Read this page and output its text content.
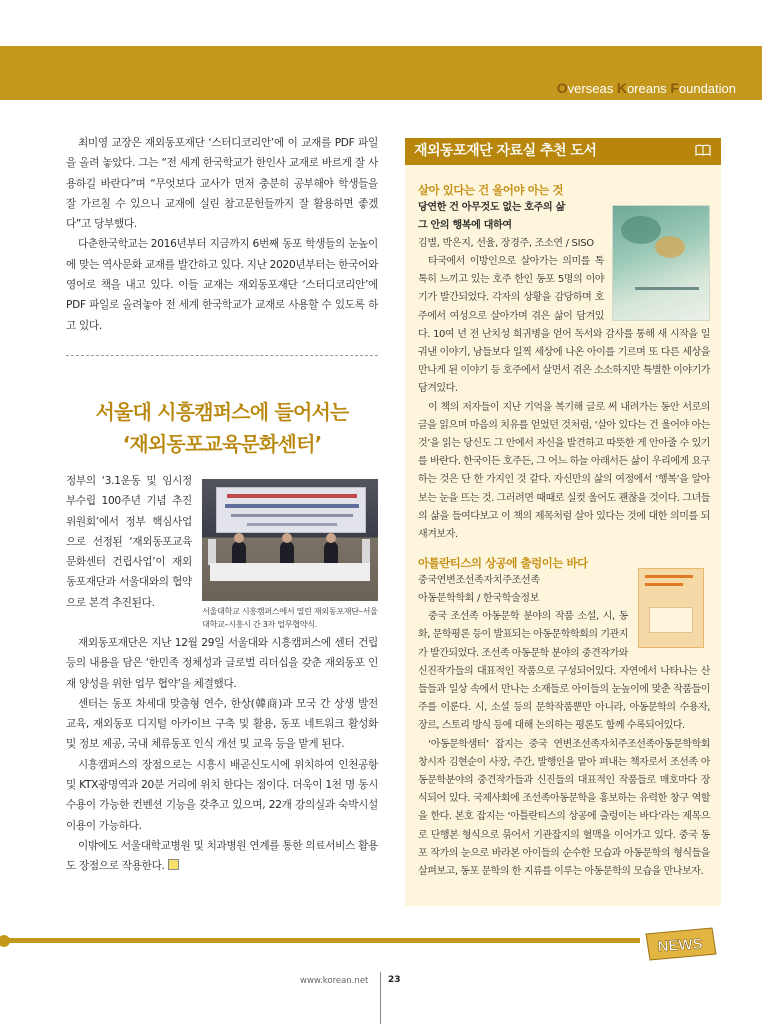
Overseas Koreans Foundation

최미영 교장은 재외동포재단 ‘스터디코리안’에 이 교재를 PDF 파일을 올려 놓았다. 그는 “전 세계 한국학교가 한인사 교재로 바르게 잘 사용하길 바란다”며 “무엇보다 교사가 먼저 충분히 공부해야 학생들을 잘 가르칠 수 있으니 교재에 실린 참고문헌들까지 잘 활용하면 좋겠다”고 당부했다.

다춘한국학교는 2016년부터 지금까지 6번째 동포 학생들의 눈높이에 맞는 역사문화 교재를 발간하고 있다. 지난 2020년부터는 한국어와 영어로 책을 내고 있다. 이들 교재는 재외동포재단 ‘스터디코리안’에 PDF 파일로 올려놓아 전 세계 한국학교가 교재로 사용할 수 있도록 하고 있다.

서울대 시흥캠퍼스에 들어서는
‘재외동포교육문화센터’
정부의 ‘3.1운동 및 임시정부수립 100주년 기념 추진위원회’에서 정부 핵심사업으로 선정된 ‘재외동포교육문화센터 건립사업’이 재외동포재단과 서울대와의 협약으로 본격 추진된다.
서울대학교 시흥캠퍼스에서 열린 재외동포재단–서울대학교–시흥시 간 3자 업무협약식.

재외동포재단은 지난 12월 29일 서울대와 시흥캠퍼스에 센터 건립 등의 내용을 담은 ‘한민족 정체성과 글로벌 리더십을 갖춘 재외동포 인재 양성을 위한 업무 협약’을 체결했다.

센터는 동포 차세대 맞춤형 연수, 한상(韓商)과 모국 간 상생 발전 교육, 재외동포 디지털 아카이브 구축 및 활용, 동포 네트워크 활성화 및 정보 제공, 국내 체류동포 인식 개선 및 교육 등을 맡게 된다.

시흥캠퍼스의 장점으로는 시흥시 배곧신도시에 위치하여 인천공항 및 KTX광명역과 20분 거리에 위치 한다는 점이다. 더욱이 1천 명 동시 수용이 가능한 컨벤션 기능을 갖추고 있으며, 22개 강의실과 숙박시설 이용이 가능하다.

이밖에도 서울대학교병원 및 치과병원 연계를 통한 의료서비스 활용도 장점으로 작용한다.

재외동포재단 자료실 추천 도서
살아 있다는 건 울어야 아는 것
당연한 건 아무것도 없는 호주의 삶
그 안의 행복에 대하여
김별, 박은지, 선율, 장경주, 조소연 / SISO

타국에서 이방인으로 살아가는 의미를 톡톡히 느끼고 있는 호주 한인 동포 5명의 이야기가 발간되었다. 각자의 상황을 감당하며 호주에서 여성으로 살아가며 겪은 삶이 담겨있다. 10여 년 전 난치성 희귀병을 얻어 독서와 감사를 통해 새 시작을 일궈낸 이야기, 남들보다 일찍 세상에 나온 아이를 기르며 또 다른 세상을 만나게 된 이야기 등 호주에서 살면서 겪은 소소하지만 특별한 이야기가 담겨있다.

이 책의 저자들이 지난 기억을 복기해 글로 써 내려가는 동안 서로의 글을 읽으며 마음의 치유를 얻었던 것처럼, ‘살아 있다는 건 울어야 아는 것’을 읽는 당신도 그 안에서 자신을 발견하고 따뜻한 게 안아줄 수 있기를 바란다. 한국이든 호주든, 그 어느 하늘 아래서든 삶이 우리에게 요구하는 것은 단 한 가지인 것 같다. 자신만의 삶의 여정에서 ‘행복’을 알아보는 눈을 뜨는 것. 그러려면 때때로 실컷 울어도 괜찮을 것이다. 그녀들의 삶을 들여다보고 이 책의 제목처럼 살아 있다는 것에 대한 의미를 되새겨보자.

아틀란티스의 상공에 출렁이는 바다
중국연변조선족자치주조선족
아동문학학회 / 한국학술정보

중국 조선족 아동문학 분야의 작품 소설, 시, 동화, 문학평론 등이 발표되는 아동문학학회의 기관지가 발간되었다. 조선족 아동문학 분야의 중견작가와 신진작가들의 대표적인 작품으로 구성되어있다. 자연에서 나타나는 산들들과 일상 속에서 만나는 소재들로 아이들의 눈높이에 맞춘 작품들이 주를 이룬다. 시, 소설 등의 문학작품뿐만 아니라, 아동문학의 수용자, 장르, 스토리 방식 등에 대해 논의하는 평론도 함께 수록되어있다.

‘아동문학샘터’ 잡지는 중국 연변조선족자치주조선족아동문학학회 창시자 김현순이 사장, 주간, 발행인을 맡아 펴내는 책자로서 조선족 아동문학분야의 중견작가들과 신진들의 대표적인 작품들로 매호마다 장식되어 있다. 국제사회에 조선족아동문학을 홍보하는 유력한 창구 역할을 한다. 본호 잡지는 ‘아틀란티스의 상공에 출렁이는 바다’라는 제목으로 단행본 형식으로 묶어서 기관잡지의 혈맥을 이어가고 있다. 중국 동포 작가의 눈으로 바라본 아이들의 순수한 모습과 아동문학의 형식들을 살펴보고, 동포 문학의 한 지류를 이루는 아동문학의 모습을 만나보자.

NEWS
www.korean.net 23
